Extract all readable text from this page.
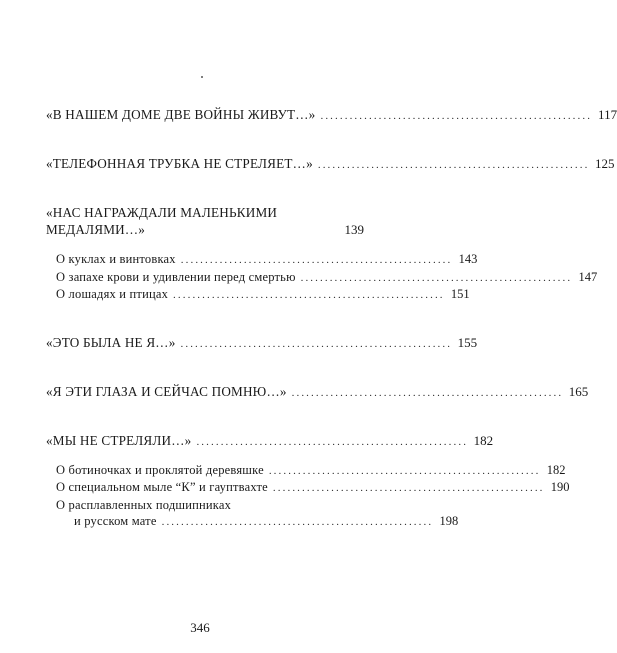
«В НАШЕМ ДОМЕ ДВЕ ВОЙНЫ ЖИВУТ…» ........................................................ 117
«ТЕЛЕФОННАЯ ТРУБКА НЕ СТРЕЛЯЕТ…» ........................................................ 125
«НАС НАГРАЖДАЛИ МАЛЕНЬКИМИ
МЕДАЛЯМИ…»	139
О куклах и винтовках ........................................................ 143
О запахе крови и удивлении перед смертью ........................................................ 147
О лошадях и птицах ........................................................ 151
«ЭТО БЫЛА НЕ Я…» ........................................................ 155
«Я ЭТИ ГЛАЗА И СЕЙЧАС ПОМНЮ…» ........................................................ 165
«МЫ НЕ СТРЕЛЯЛИ…» ........................................................ 182
О ботиночках и проклятой деревяшке ........................................................ 182
О специальном мыле “К” и гауптвахте ........................................................ 190
О расплавленных подшипниках
и русском мате ........................................................ 198
346
